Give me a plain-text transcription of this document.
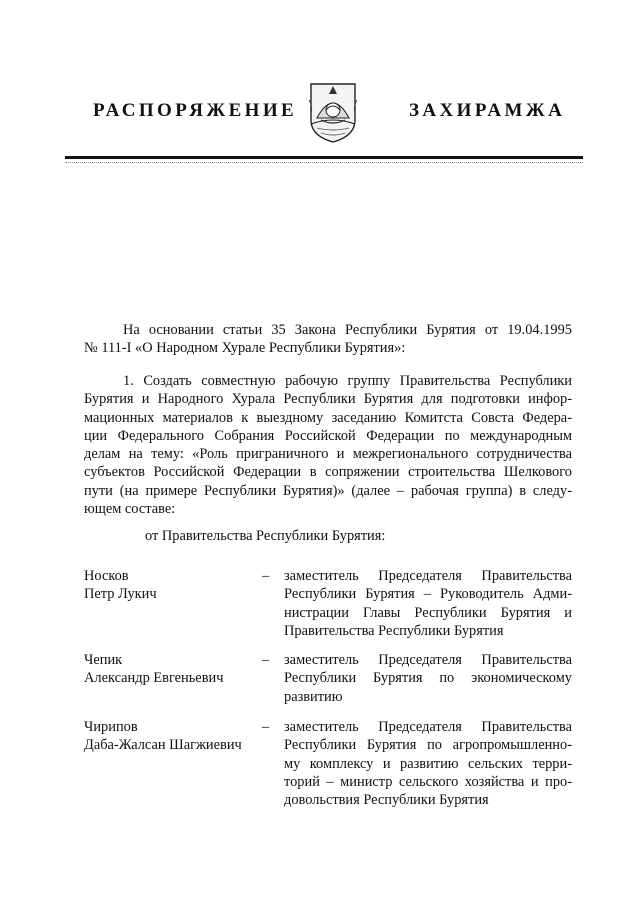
РАСПОРЯЖЕНИЕ	ЗАХИРАМЖА
На основании статьи 35 Закона Республики Бурятия от 19.04.1995
№ 111-I «О Народном Хурале Республики Бурятия»:
1. Создать совместную рабочую группу Правительства Республики
Бурятия и Народного Хурала Республики Бурятия для подготовки инфор-
мационных материалов к выездному заседанию Комитста Совста Федера-
ции Федерального Собрания Российской Федерации по международным
делам на тему: «Роль приграничного и межрегионального сотрудничества
субъектов Российской Федерации в сопряжении строительства Шелкового
пути (на примере Республики Бурятия)» (далее – рабочая группа) в следу-
ющем составе:
от Правительства Республики Бурятия:
Носков
Петр Лукич
– заместитель Председателя Правительства
Республики Бурятия – Руководитель Адми-
нистрации Главы Республики Бурятия и
Правительства Республики Бурятия
Чепик
Александр Евгеньевич
– заместитель Председателя Правительства
Республики Бурятия по экономическому
развитию
Чирипов
Даба-Жалсан Шагжиевич
– заместитель Председателя Правительства
Республики Бурятия по агропромышленно-
му комплексу и развитию сельских терри-
торий – министр сельского хозяйства и про-
довольствия Республики Бурятия
